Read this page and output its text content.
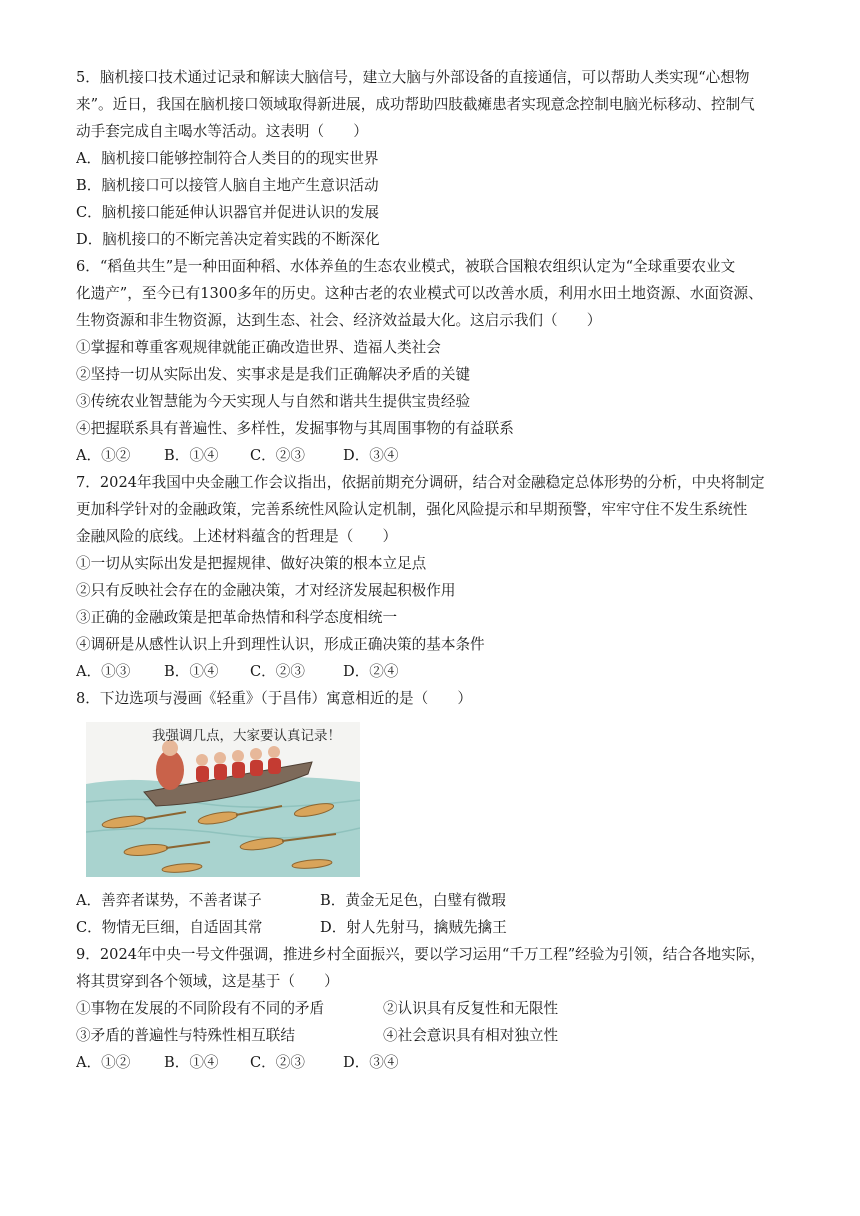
5．脑机接口技术通过记录和解读大脑信号，建立大脑与外部设备的直接通信，可以帮助人类实现“心想物
来”。近日，我国在脑机接口领域取得新进展，成功帮助四肢截瘫患者实现意念控制电脑光标移动、控制气
动手套完成自主喝水等活动。这表明（　　）
A．脑机接口能够控制符合人类目的的现实世界
B．脑机接口可以接管人脑自主地产生意识活动
C．脑机接口能延伸认识器官并促进认识的发展
D．脑机接口的不断完善决定着实践的不断深化
6．“稻鱼共生”是一种田面种稻、水体养鱼的生态农业模式，被联合国粮农组织认定为“全球重要农业文
化遗产”，至今已有1300多年的历史。这种古老的农业模式可以改善水质，利用水田土地资源、水面资源、
生物资源和非生物资源，达到生态、社会、经济效益最大化。这启示我们（　　）
①掌握和尊重客观规律就能正确改造世界、造福人类社会
②坚持一切从实际出发、实事求是是我们正确解决矛盾的关键
③传统农业智慧能为今天实现人与自然和谐共生提供宝贵经验
④把握联系具有普遍性、多样性，发掘事物与其周围事物的有益联系
A．①②	B．①④	C．②③	D．③④
7．2024年我国中央金融工作会议指出，依据前期充分调研，结合对金融稳定总体形势的分析，中央将制定
更加科学针对的金融政策，完善系统性风险认定机制，强化风险提示和早期预警，牢牢守住不发生系统性
金融风险的底线。上述材料蕴含的哲理是（　　）
①一切从实际出发是把握规律、做好决策的根本立足点
②只有反映社会存在的金融决策，才对经济发展起积极作用
③正确的金融政策是把革命热情和科学态度相统一
④调研是从感性认识上升到理性认识，形成正确决策的基本条件
A．①③	B．①④	C．②③	D．②④
8．下边选项与漫画《轻重》（于昌伟）寓意相近的是（　　）
我强调几点，大家要认真记录！
A．善弈者谋势，不善者谋子	B．黄金无足色，白璧有微瑕
C．物情无巨细，自适固其常	D．射人先射马，擒贼先擒王
9．2024年中央一号文件强调，推进乡村全面振兴，要以学习运用“千万工程”经验为引领，结合各地实际，
将其贯穿到各个领域，这是基于（　　）
①事物在发展的不同阶段有不同的矛盾	②认识具有反复性和无限性
③矛盾的普遍性与特殊性相互联结	④社会意识具有相对独立性
A．①②	B．①④	C．②③	D．③④
